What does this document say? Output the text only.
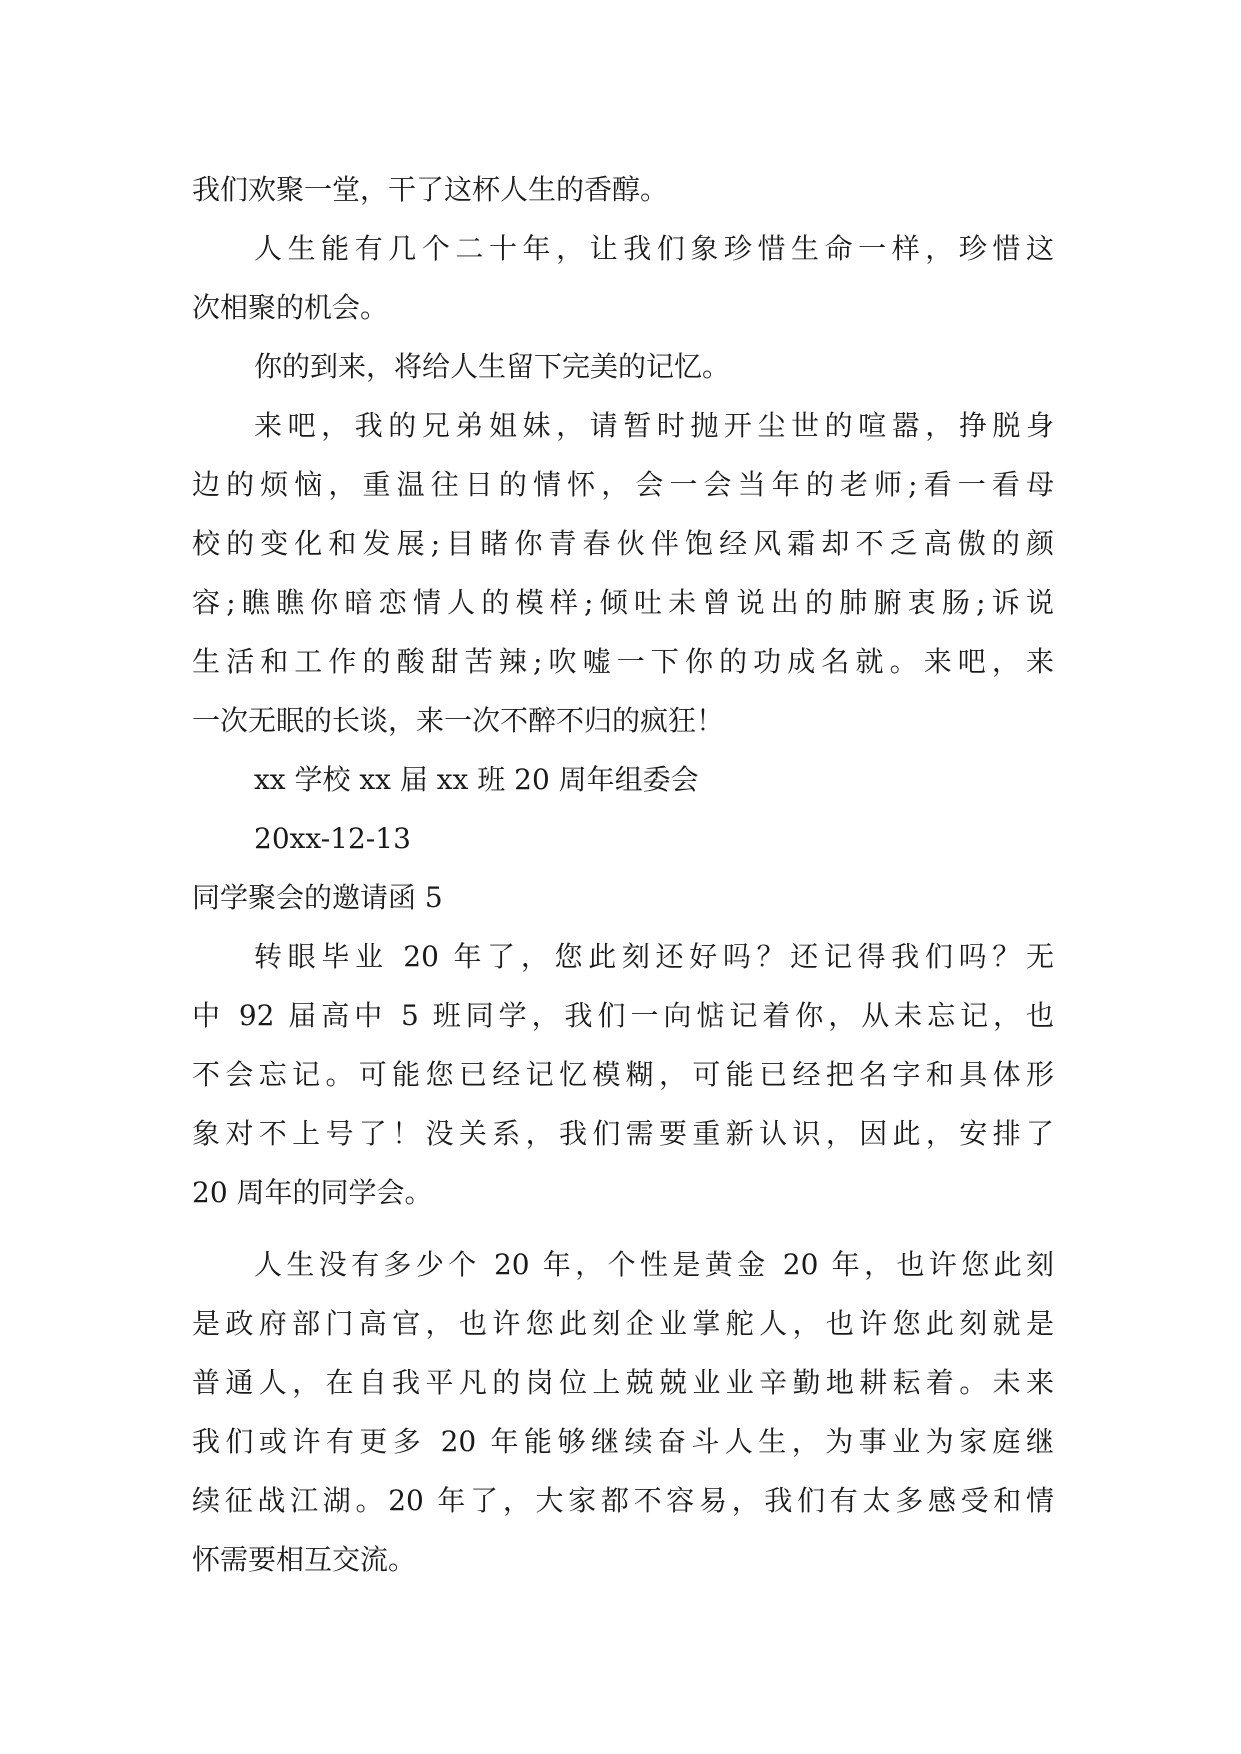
我们欢聚一堂，干了这杯人生的香醇。
人生能有几个二十年，让我们象珍惜生命一样，珍惜这
次相聚的机会。
你的到来，将给人生留下完美的记忆。
来吧，我的兄弟姐妹，请暂时抛开尘世的喧嚣，挣脱身
边的烦恼，重温往日的情怀，会一会当年的老师;看一看母
校的变化和发展;目睹你青春伙伴饱经风霜却不乏高傲的颜
容;瞧瞧你暗恋情人的模样;倾吐未曾说出的肺腑衷肠;诉说
生活和工作的酸甜苦辣;吹嘘一下你的功成名就。来吧，来
一次无眠的长谈，来一次不醉不归的疯狂！
xx 学校 xx 届 xx 班 20 周年组委会
20xx-12-13
同学聚会的邀请函 5
转眼毕业 20 年了，您此刻还好吗？还记得我们吗？无
中 92 届高中 5 班同学，我们一向惦记着你，从未忘记，也
不会忘记。可能您已经记忆模糊，可能已经把名字和具体形
象对不上号了！没关系，我们需要重新认识，因此，安排了
20 周年的同学会。
人生没有多少个 20 年，个性是黄金 20 年，也许您此刻
是政府部门高官，也许您此刻企业掌舵人，也许您此刻就是
普通人，在自我平凡的岗位上兢兢业业辛勤地耕耘着。未来
我们或许有更多 20 年能够继续奋斗人生，为事业为家庭继
续征战江湖。20 年了，大家都不容易，我们有太多感受和情
怀需要相互交流。
